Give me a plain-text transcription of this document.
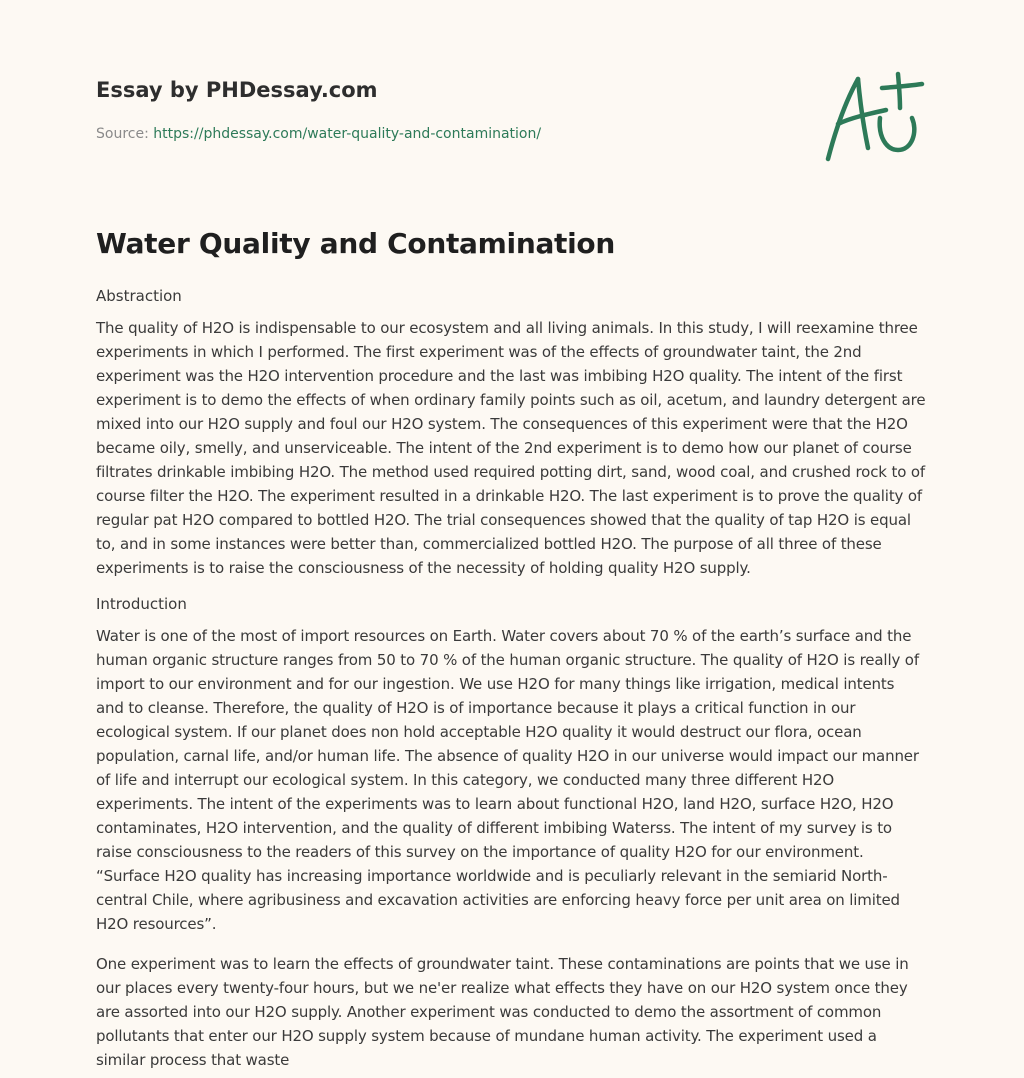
Essay by PHDessay.com
Source: https://phdessay.com/water-quality-and-contamination/
Water Quality and Contamination
Abstraction

The quality of H2O is indispensable to our ecosystem and all living animals. In this study, I will reexamine three experiments in which I performed. The first experiment was of the effects of groundwater taint, the 2nd experiment was the H2O intervention procedure and the last was imbibing H2O quality. The intent of the first experiment is to demo the effects of when ordinary family points such as oil, acetum, and laundry detergent are mixed into our H2O supply and foul our H2O system. The consequences of this experiment were that the H2O became oily, smelly, and unserviceable. The intent of the 2nd experiment is to demo how our planet of course filtrates drinkable imbibing H2O. The method used required potting dirt, sand, wood coal, and crushed rock to of course filter the H2O. The experiment resulted in a drinkable H2O. The last experiment is to prove the quality of regular pat H2O compared to bottled H2O. The trial consequences showed that the quality of tap H2O is equal to, and in some instances were better than, commercialized bottled H2O. The purpose of all three of these experiments is to raise the consciousness of the necessity of holding quality H2O supply.

Introduction

Water is one of the most of import resources on Earth. Water covers about 70 % of the earth’s surface and the human organic structure ranges from 50 to 70 % of the human organic structure. The quality of H2O is really of import to our environment and for our ingestion. We use H2O for many things like irrigation, medical intents and to cleanse. Therefore, the quality of H2O is of importance because it plays a critical function in our ecological system. If our planet does non hold acceptable H2O quality it would destruct our flora, ocean population, carnal life, and/or human life. The absence of quality H2O in our universe would impact our manner of life and interrupt our ecological system. In this category, we conducted many three different H2O experiments. The intent of the experiments was to learn about functional H2O, land H2O, surface H2O, H2O contaminates, H2O intervention, and the quality of different imbibing Waterss. The intent of my survey is to raise consciousness to the readers of this survey on the importance of quality H2O for our environment. “Surface H2O quality has increasing importance worldwide and is peculiarly relevant in the semiarid North-central Chile, where agribusiness and excavation activities are enforcing heavy force per unit area on limited H2O resources”.

One experiment was to learn the effects of groundwater taint. These contaminations are points that we use in our places every twenty-four hours, but we ne'er realize what effects they have on our H2O system once they are assorted into our H2O supply. Another experiment was conducted to demo the assortment of common pollutants that enter our H2O supply system because of mundane human activity. The experiment used a similar process that waste
